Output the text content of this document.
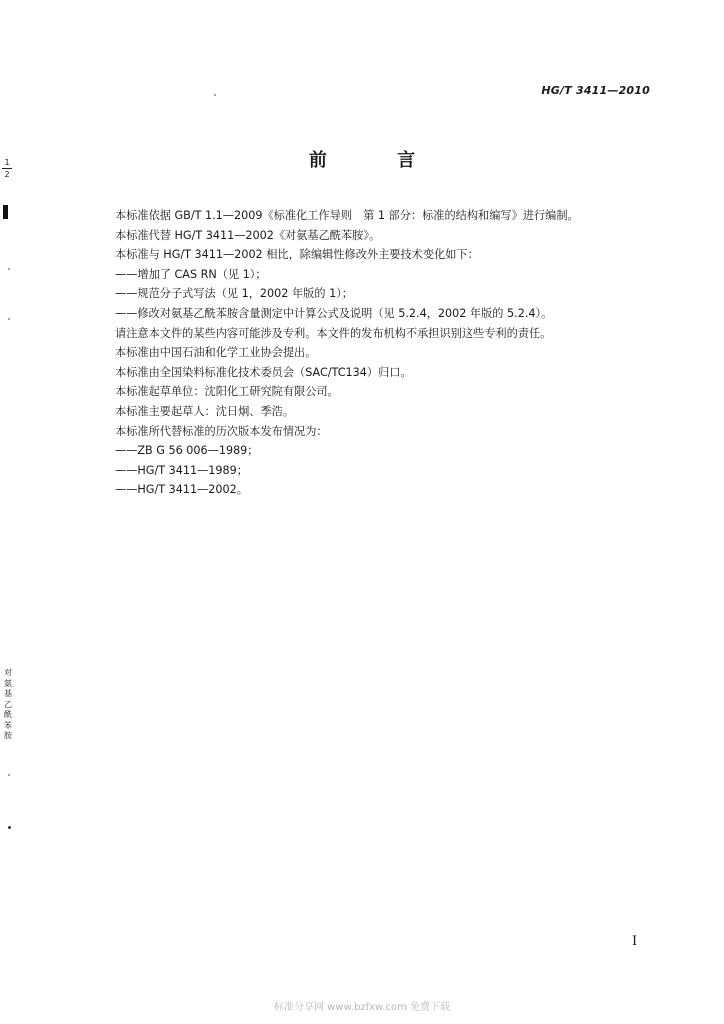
HG/T 3411—2010
1
2
前 言
本标准依据 GB/T 1.1—2009《标准化工作导则　第 1 部分：标准的结构和编写》进行编制。
本标准代替 HG/T 3411—2002《对氨基乙酰苯胺》。
本标准与 HG/T 3411—2002 相比，除编辑性修改外主要技术变化如下：
——增加了 CAS RN（见 1）；
——规范分子式写法（见 1，2002 年版的 1）；
——修改对氨基乙酰苯胺含量测定中计算公式及说明（见 5.2.4，2002 年版的 5.2.4）。
请注意本文件的某些内容可能涉及专利。本文件的发布机构不承担识别这些专利的责任。
本标准由中国石油和化学工业协会提出。
本标准由全国染料标准化技术委员会（SAC/TC134）归口。
本标准起草单位：沈阳化工研究院有限公司。
本标准主要起草人：沈日炯、季浩。
本标准所代替标准的历次版本发布情况为：
——ZB G 56 006—1989；
——HG/T 3411—1989；
——HG/T 3411—2002。
对氨基乙酰苯胺
I
标准分享网 www.bzfxw.com 免费下载
